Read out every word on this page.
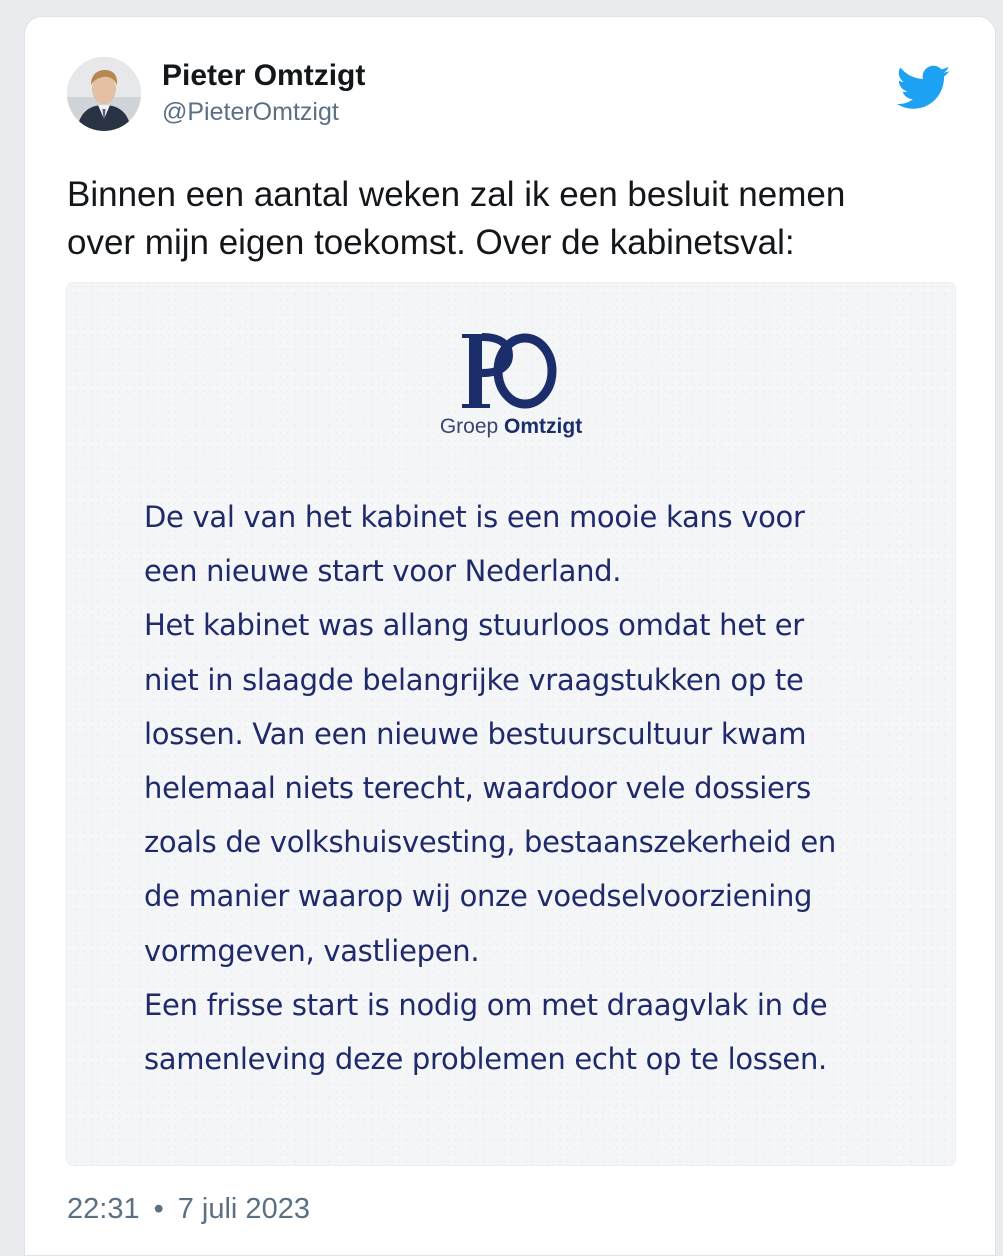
Pieter Omtzigt
@PieterOmtzigt

Binnen een aantal weken zal ik een besluit nemen
over mijn eigen toekomst. Over de kabinetsval:

Groep Omtzigt

De val van het kabinet is een mooie kans voor
een nieuwe start voor Nederland.
Het kabinet was allang stuurloos omdat het er
niet in slaagde belangrijke vraagstukken op te
lossen. Van een nieuwe bestuurscultuur kwam
helemaal niets terecht, waardoor vele dossiers
zoals de volkshuisvesting, bestaanszekerheid en
de manier waarop wij onze voedselvoorziening
vormgeven, vastliepen.
Een frisse start is nodig om met draagvlak in de
samenleving deze problemen echt op te lossen.

22:31 • 7 juli 2023
